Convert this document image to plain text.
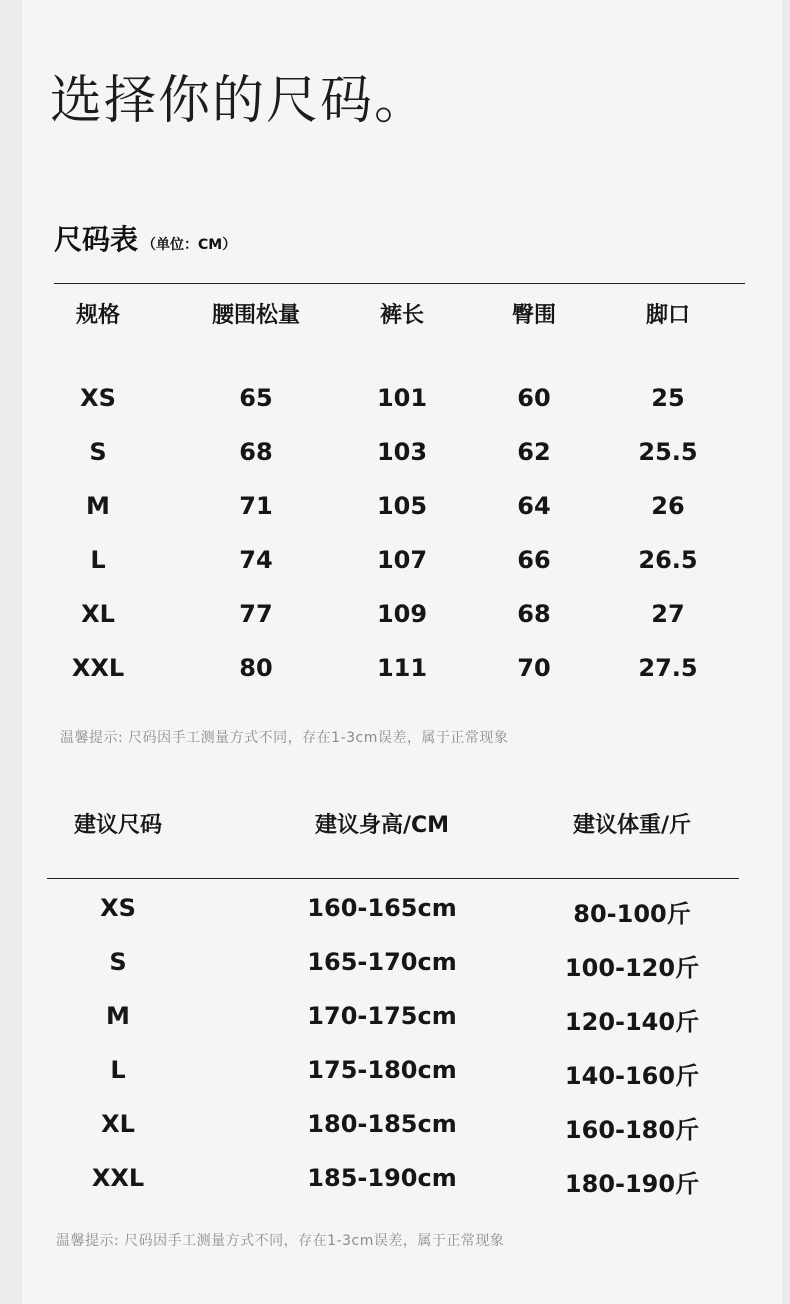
选择你的尺码。
尺码表 （单位：CM）
规格	腰围松量	裤长	臀围	脚口
XS	65	101	60	25
S	68	103	62	25.5
M	71	105	64	26
L	74	107	66	26.5
XL	77	109	68	27
XXL	80	111	70	27.5
温馨提示: 尺码因手工测量方式不同，存在1-3cm误差，属于正常现象
建议尺码	建议身高/CM	建议体重/斤
XS	160-165cm	80-100斤
S	165-170cm	100-120斤
M	170-175cm	120-140斤
L	175-180cm	140-160斤
XL	180-185cm	160-180斤
XXL	185-190cm	180-190斤
温馨提示: 尺码因手工测量方式不同，存在1-3cm误差，属于正常现象
